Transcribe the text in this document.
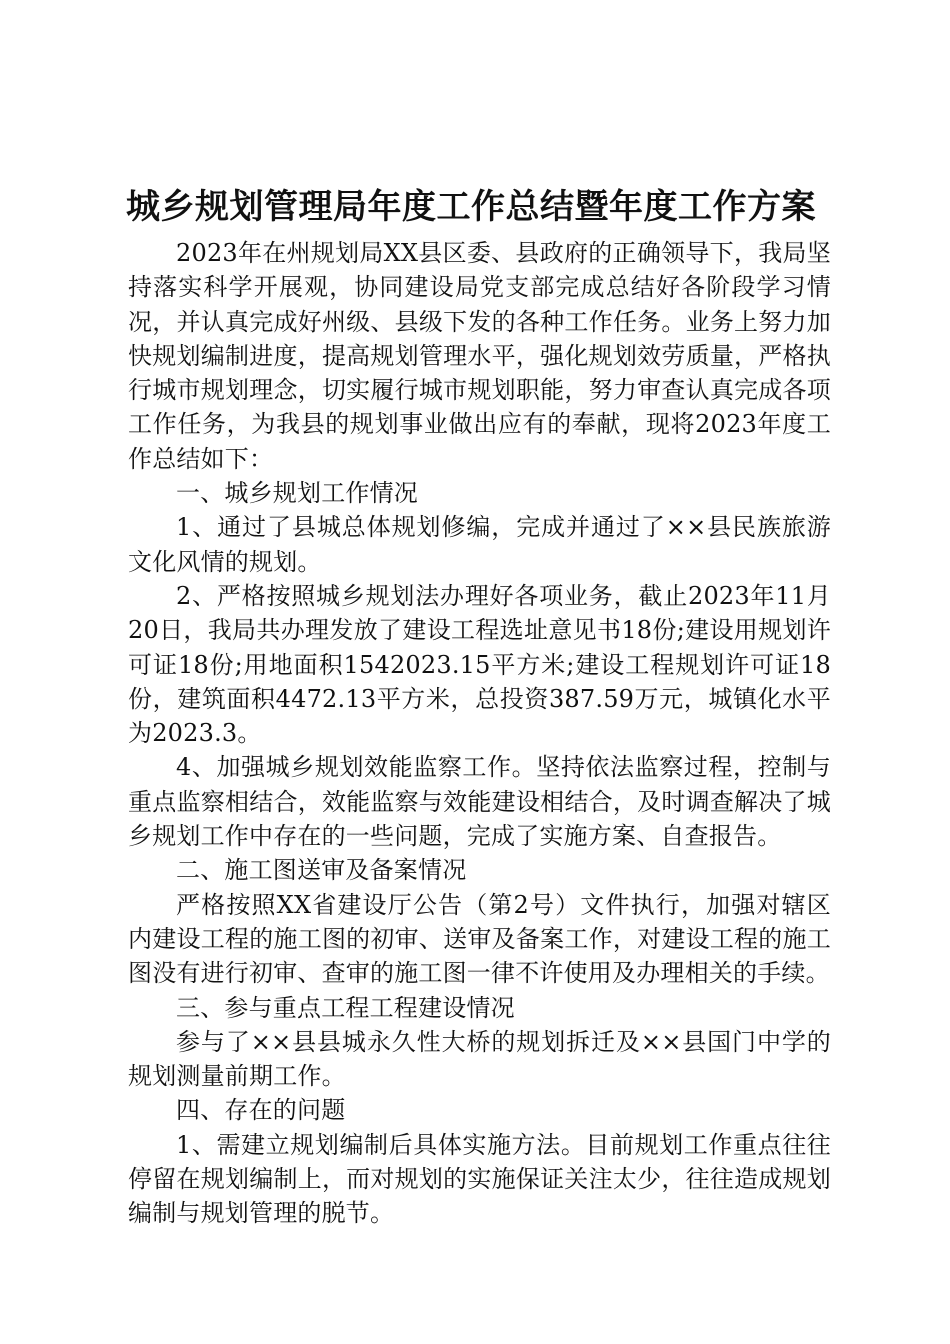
城乡规划管理局年度工作总结暨年度工作方案

2023年在州规划局XX县区委、县政府的正确领导下，我局坚持落实科学开展观，协同建设局党支部完成总结好各阶段学习情况，并认真完成好州级、县级下发的各种工作任务。业务上努力加快规划编制进度，提高规划管理水平，强化规划效劳质量，严格执行城市规划理念，切实履行城市规划职能，努力审查认真完成各项工作任务，为我县的规划事业做出应有的奉献，现将2023年度工作总结如下：

一、城乡规划工作情况

1、通过了县城总体规划修编，完成并通过了××县民族旅游文化风情的规划。

2、严格按照城乡规划法办理好各项业务，截止2023年11月20日，我局共办理发放了建设工程选址意见书18份;建设用规划许可证18份;用地面积1542023.15平方米;建设工程规划许可证18份，建筑面积4472.13平方米，总投资387.59万元，城镇化水平为2023.3。

4、加强城乡规划效能监察工作。坚持依法监察过程，控制与重点监察相结合，效能监察与效能建设相结合，及时调查解决了城乡规划工作中存在的一些问题，完成了实施方案、自查报告。

二、施工图送审及备案情况

严格按照XX省建设厅公告（第2号）文件执行，加强对辖区内建设工程的施工图的初审、送审及备案工作，对建设工程的施工图没有进行初审、查审的施工图一律不许使用及办理相关的手续。

三、参与重点工程工程建设情况

参与了××县县城永久性大桥的规划拆迁及××县国门中学的规划测量前期工作。

四、存在的问题

1、需建立规划编制后具体实施方法。目前规划工作重点往往停留在规划编制上，而对规划的实施保证关注太少，往往造成规划编制与规划管理的脱节。
